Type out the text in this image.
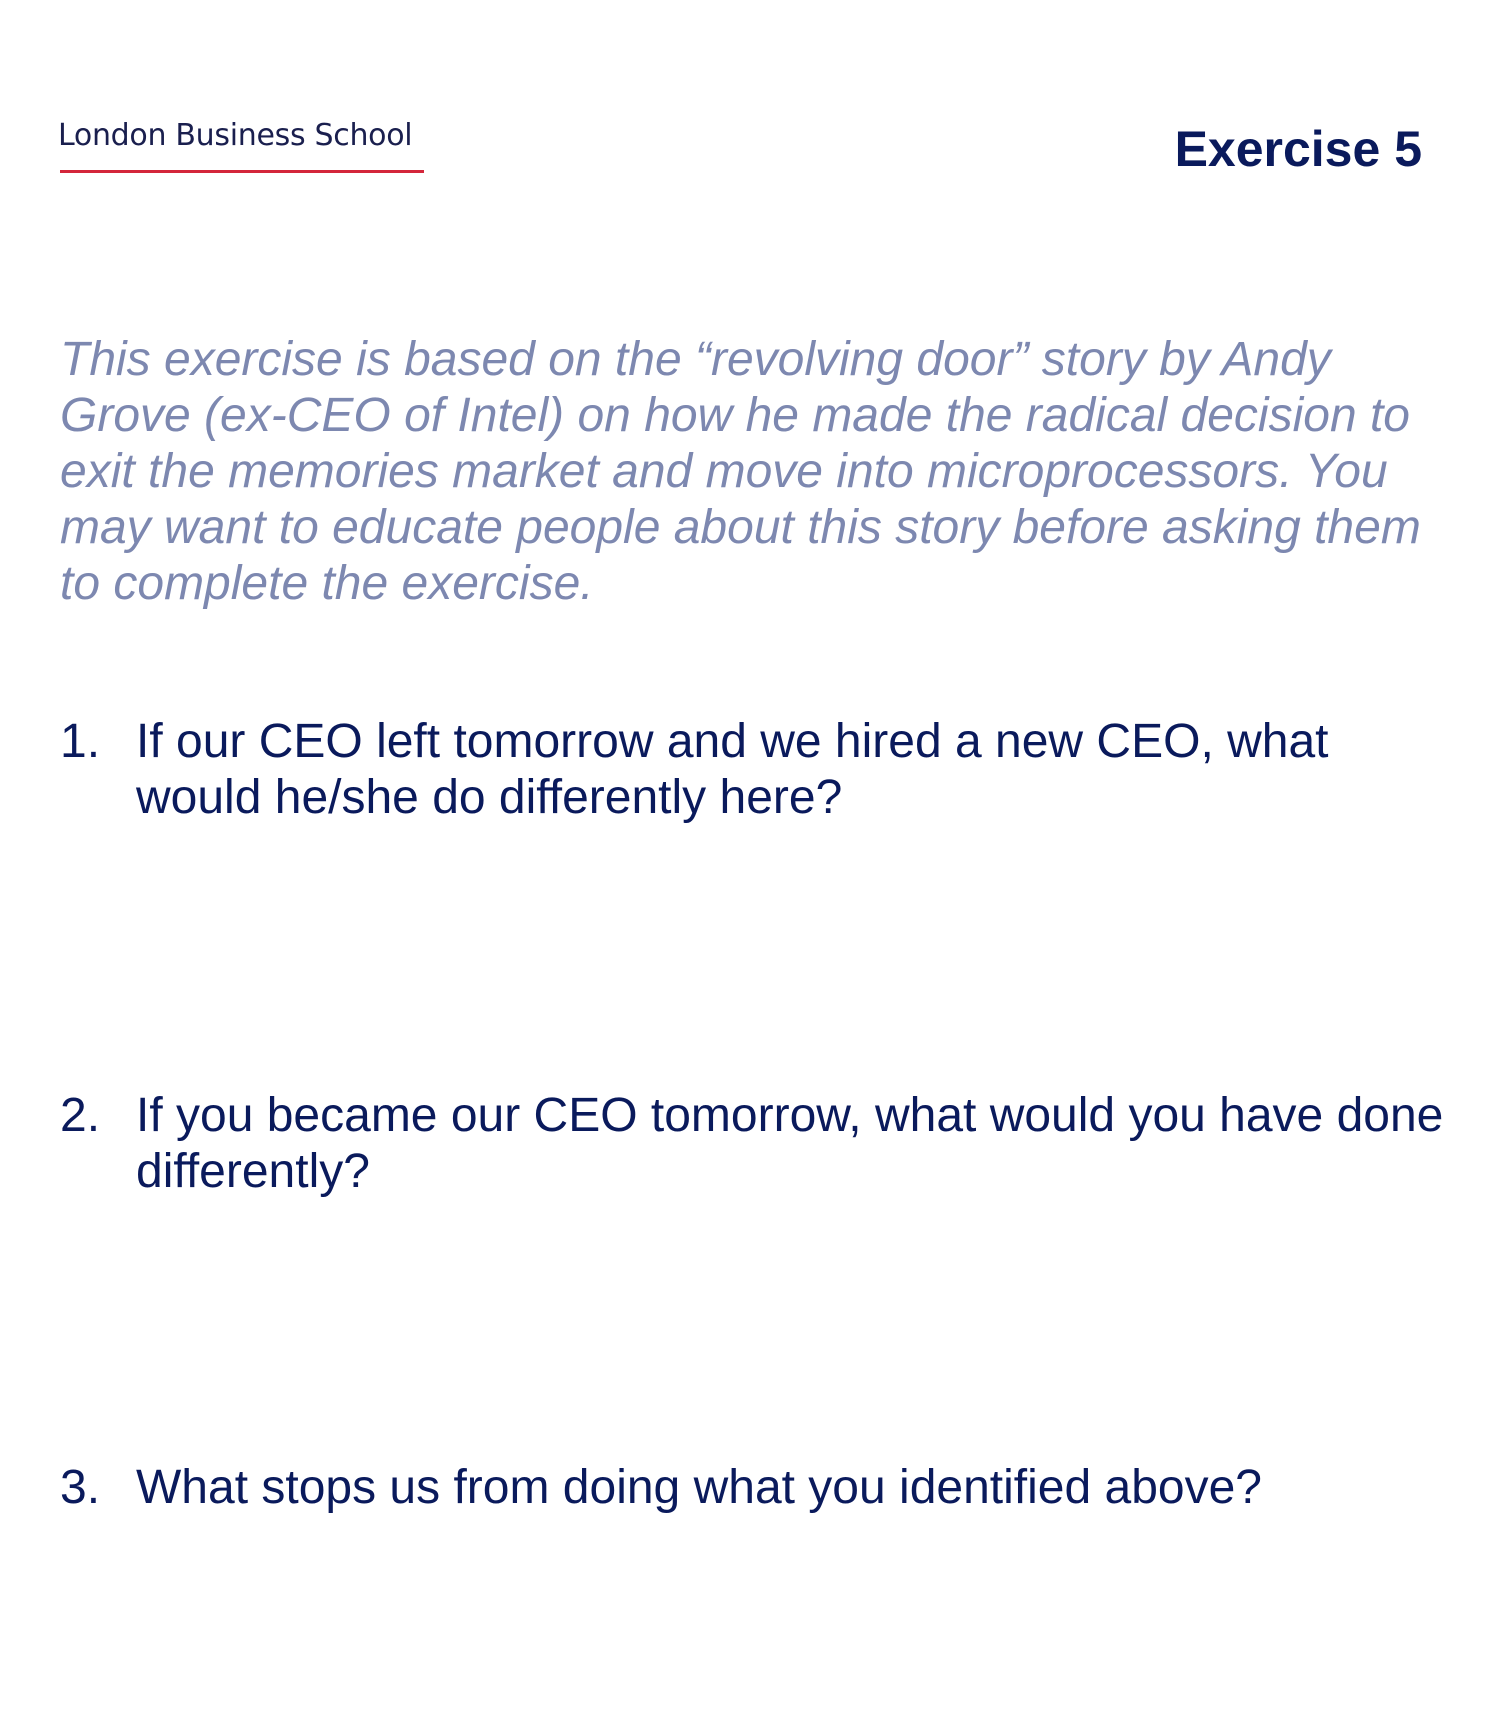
London Business School	Exercise 5
This exercise is based on the “revolving door” story by Andy Grove (ex-CEO of Intel) on how he made the radical decision to exit the memories market and move into microprocessors. You may want to educate people about this story before asking them to complete the exercise.
1. If our CEO left tomorrow and we hired a new CEO, what would he/she do differently here?
2. If you became our CEO tomorrow, what would you have done differently?
3. What stops us from doing what you identified above?
